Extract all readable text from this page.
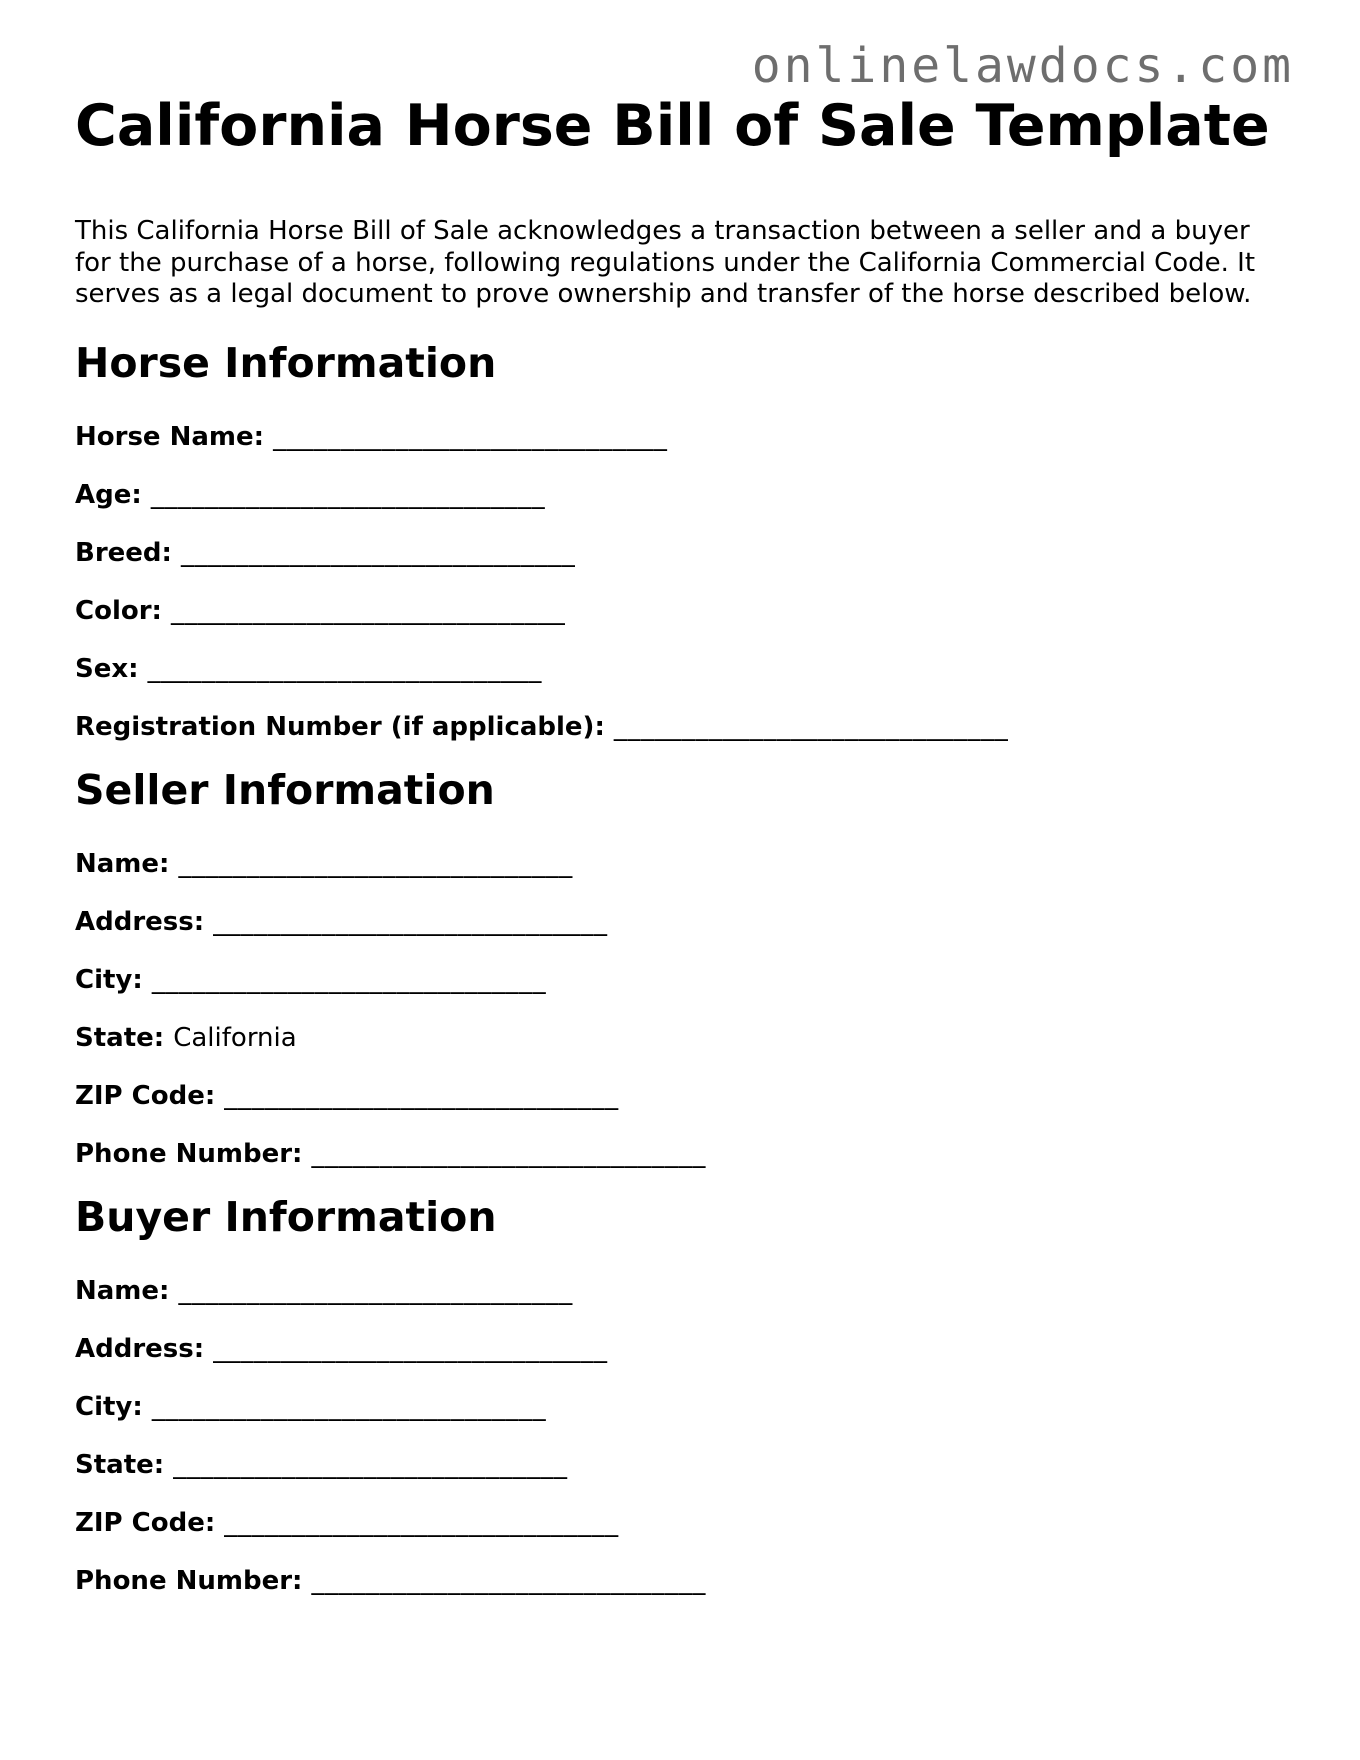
onlinelawdocs.com
California Horse Bill of Sale Template

This California Horse Bill of Sale acknowledges a transaction between a seller and a buyer for the purchase of a horse, following regulations under the California Commercial Code. It serves as a legal document to prove ownership and transfer of the horse described below.

Horse Information
Horse Name: _____________________________
Age: _____________________________
Breed: _____________________________
Color: _____________________________
Sex: _____________________________
Registration Number (if applicable): _____________________________
Seller Information
Name: _____________________________
Address: _____________________________
City: _____________________________
State: California
ZIP Code: _____________________________
Phone Number: _____________________________
Buyer Information
Name: _____________________________
Address: _____________________________
City: _____________________________
State: _____________________________
ZIP Code: _____________________________
Phone Number: _____________________________
